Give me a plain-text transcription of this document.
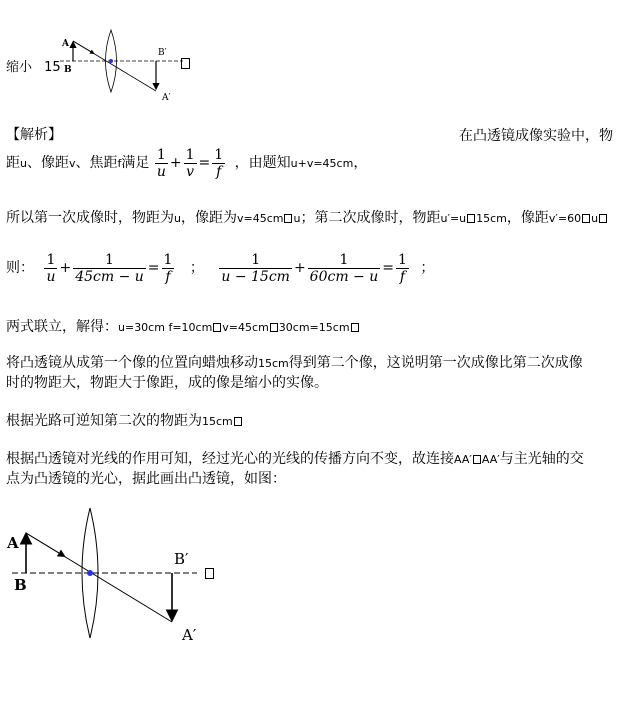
缩小 15
A
B
B′
A′
【解析】	在凸透镜成像实验中，物
距u、像距v、焦距f满足 $\frac{1}{u} + \frac{1}{v} = \frac{1}{f}$ ，由题知u+v=45cm，
所以第一次成像时，物距为u，像距为v=45cm u；第二次成像时，物距u′=u 15cm，像距v′=60 u
则： $\frac{1}{u} + \frac{1}{45cm - u} = \frac{1}{f}$ ； $\frac{1}{u - 15cm} + \frac{1}{60cm - u} = \frac{1}{f}$ ；
两式联立，解得：u=30cm f=10cm v=45cm 30cm=15cm
将凸透镜从成第一个像的位置向蜡烛移动15cm得到第二个像，这说明第一次成像比第二次成像
时的物距大，物距大于像距，成的像是缩小的实像。
根据光路可逆知第二次的物距为15cm
根据凸透镜对光线的作用可知，经过光心的光线的传播方向不变，故连接AA′ AA′与主光轴的交
点为凸透镜的光心，据此画出凸透镜，如图：
A
B
B′
A′
